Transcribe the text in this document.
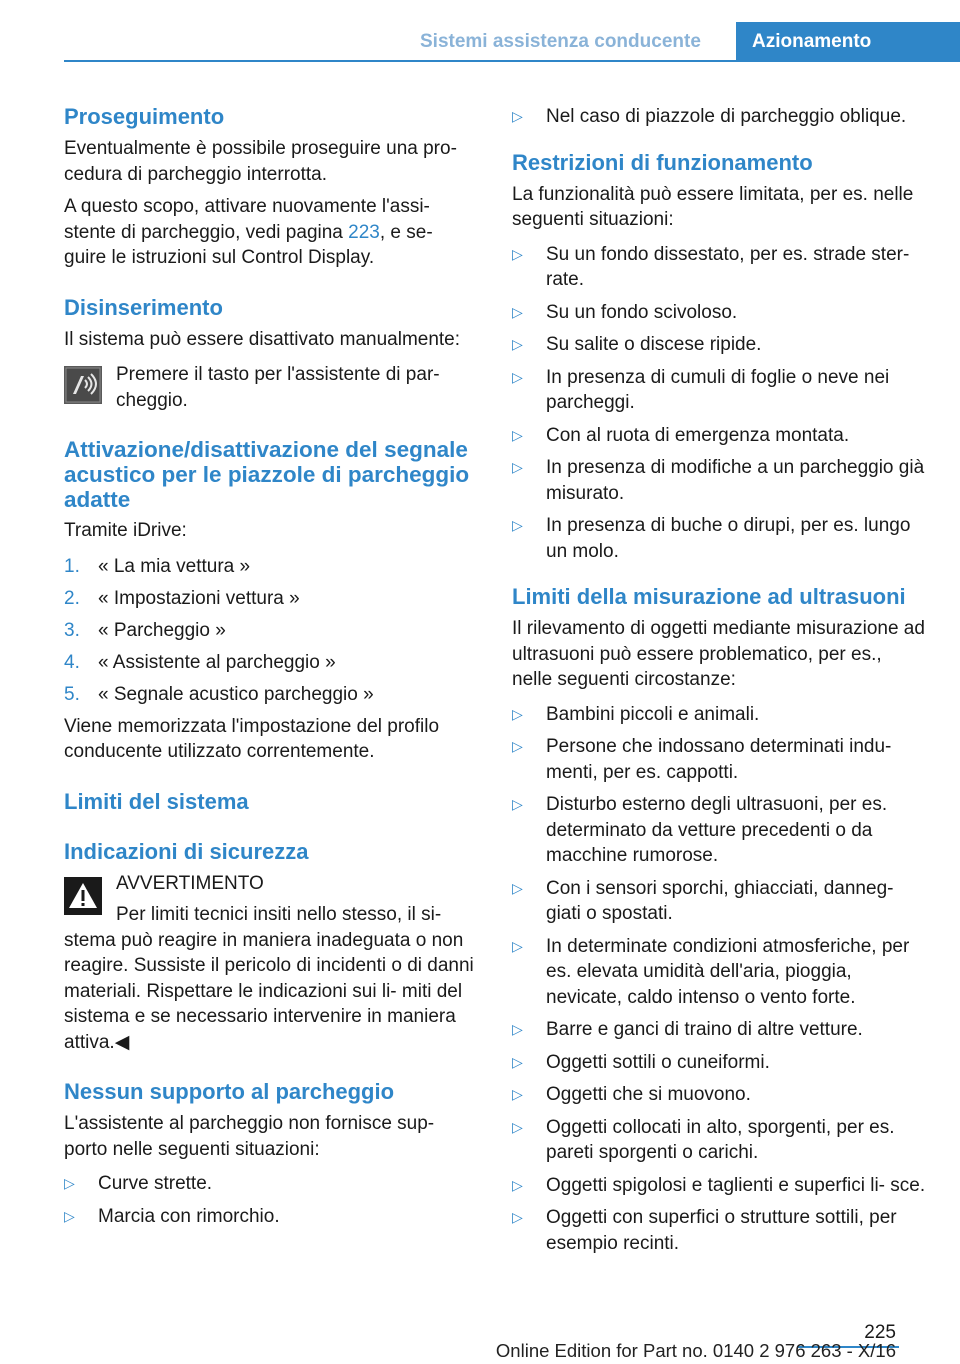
Sistemi assistenza conducente	Azionamento
Proseguimento

Eventualmente è possibile proseguire una pro‐ cedura di parcheggio interrotta.

A questo scopo, attivare nuovamente l'assi‐ stente di parcheggio, vedi pagina 223, e se‐ guire le istruzioni sul Control Display.

Disinserimento

Il sistema può essere disattivato manualmente:

Premere il tasto per l'assistente di par‐ cheggio.

Attivazione/disattivazione del segnale acustico per le piazzole di parcheggio adatte

Tramite iDrive:

1. « La mia vettura »
2. « Impostazioni vettura »
3. « Parcheggio »
4. « Assistente al parcheggio »
5. « Segnale acustico parcheggio »

Viene memorizzata l'impostazione del profilo conducente utilizzato correntemente.

Limiti del sistema
Indicazioni di sicurezza

AVVERTIMENTO

Per limiti tecnici insiti nello stesso, il si‐ stema può reagire in maniera inadeguata o non reagire. Sussiste il pericolo di incidenti o di danni materiali. Rispettare le indicazioni sui li‐ miti del sistema e se necessario intervenire in maniera attiva.◀

Nessun supporto al parcheggio

L'assistente al parcheggio non fornisce sup‐ porto nelle seguenti situazioni:

▷	Curve strette.
▷	Marcia con rimorchio.
▷	Nel caso di piazzole di parcheggio oblique.
Restrizioni di funzionamento

La funzionalità può essere limitata, per es. nelle seguenti situazioni:

▷	Su un fondo dissestato, per es. strade ster‐ rate.
▷	Su un fondo scivoloso.
▷	Su salite o discese ripide.
▷	In presenza di cumuli di foglie o neve nei parcheggi.
▷	Con al ruota di emergenza montata.
▷	In presenza di modifiche a un parcheggio già misurato.
▷	In presenza di buche o dirupi, per es. lungo un molo.
Limiti della misurazione ad ultrasuoni

Il rilevamento di oggetti mediante misurazione ad ultrasuoni può essere problematico, per es., nelle seguenti circostanze:

▷	Bambini piccoli e animali.
▷	Persone che indossano determinati indu‐ menti, per es. cappotti.
▷	Disturbo esterno degli ultrasuoni, per es. determinato da vetture precedenti o da macchine rumorose.
▷	Con i sensori sporchi, ghiacciati, danneg‐ giati o spostati.
▷	In determinate condizioni atmosferiche, per es. elevata umidità dell'aria, pioggia, nevicate, caldo intenso o vento forte.
▷	Barre e ganci di traino di altre vetture.
▷	Oggetti sottili o cuneiformi.
▷	Oggetti che si muovono.
▷	Oggetti collocati in alto, sporgenti, per es. pareti sporgenti o carichi.
▷	Oggetti spigolosi e taglienti e superfici li‐ sce.
▷	Oggetti con superfici o strutture sottili, per esempio recinti.
225
Online Edition for Part no. 0140 2 976 263 - X/16
